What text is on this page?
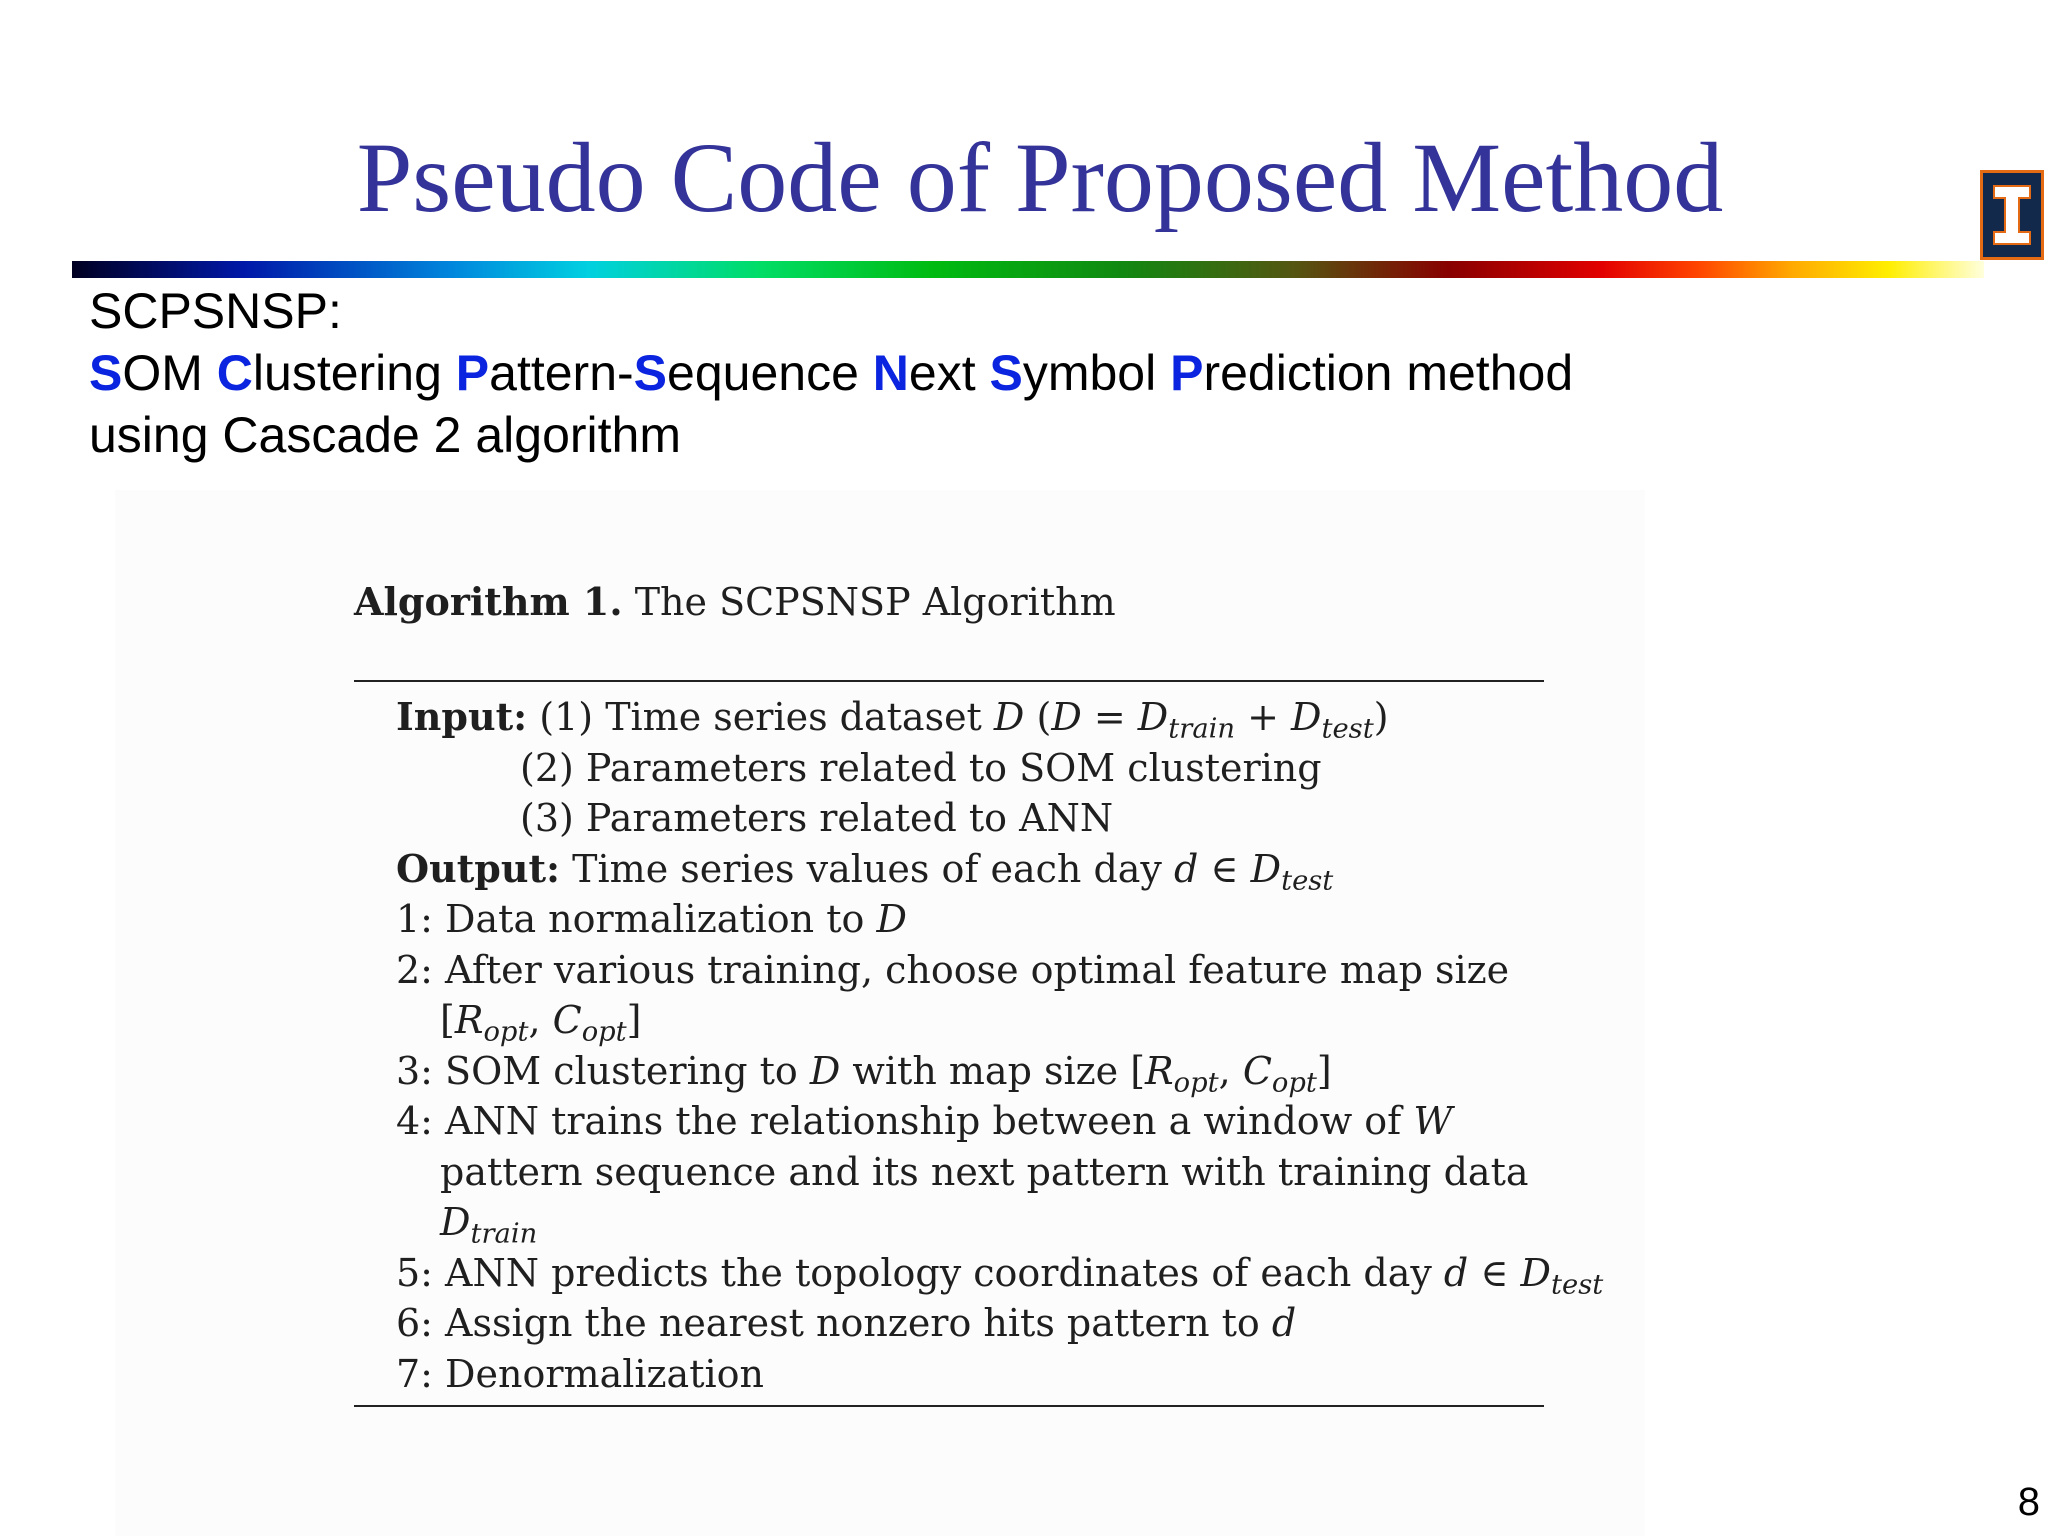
Pseudo Code of Proposed Method
SCPSNSP:
SOM Clustering Pattern-Sequence Next Symbol Prediction method
using Cascade 2 algorithm

Algorithm 1. The SCPSNSP Algorithm

Input: (1) Time series dataset D $(D = D_{train} + D_{test})$
(2) Parameters related to SOM clustering
(3) Parameters related to ANN
Output: Time series values of each day d ∈ $D_{test}$
1: Data normalization to D
2: After various training, choose optimal feature map size
[$R_{opt}$, $C_{opt}$]
3: SOM clustering to D with map size [$R_{opt}$, $C_{opt}$]
4: ANN trains the relationship between a window of W
pattern sequence and its next pattern with training data
$D_{train}$
5: ANN predicts the topology coordinates of each day d ∈ $D_{test}$
6: Assign the nearest nonzero hits pattern to d
7: Denormalization
8
